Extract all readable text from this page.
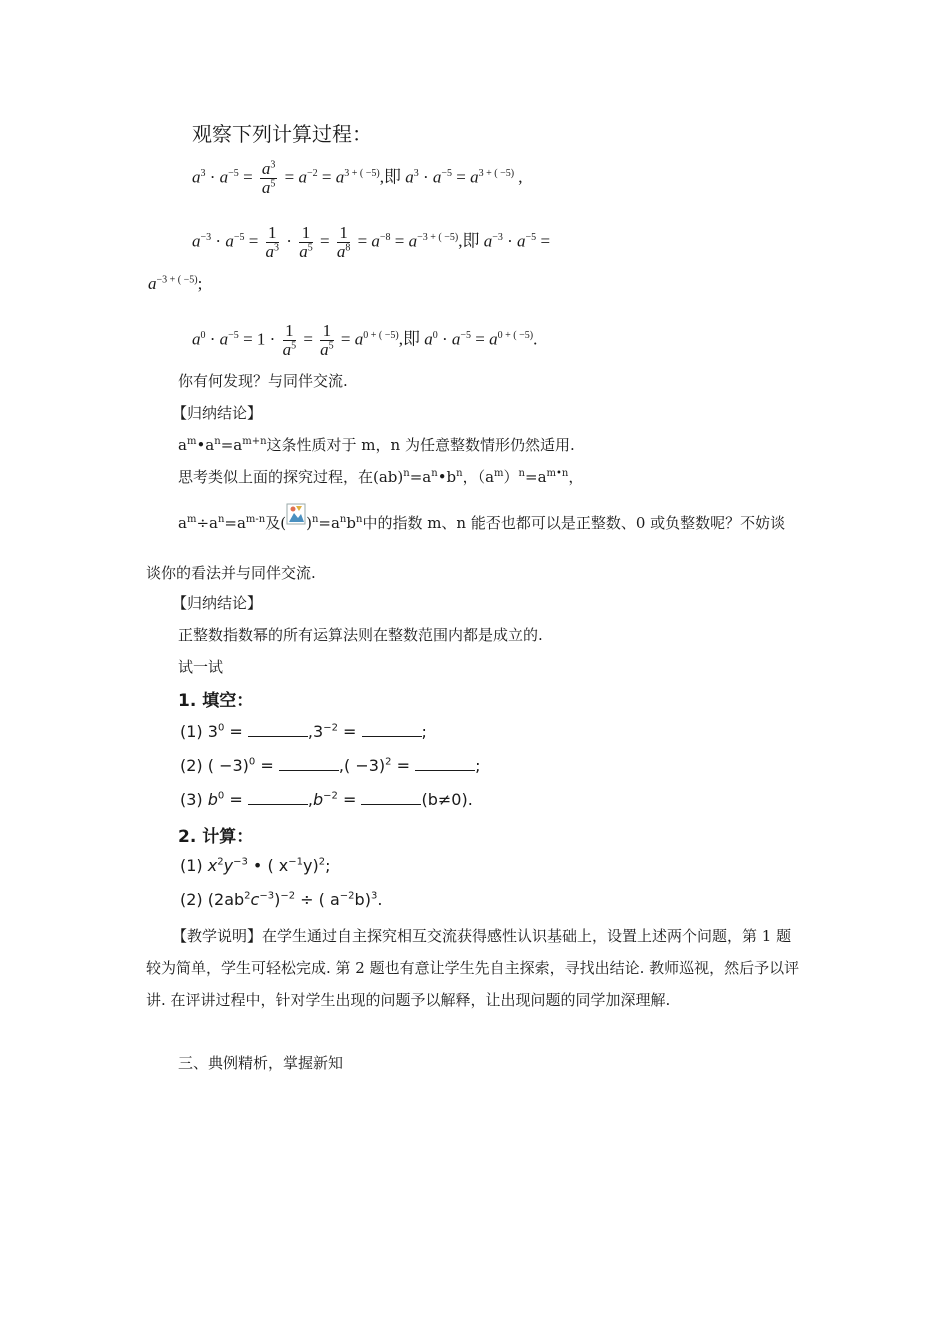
观察下列计算过程：
$a^3 \cdot a^{-5} = \frac{a^3}{a^5} = a^{-2} = a^{3 + ( -5)}$,即 $a^3 \cdot a^{-5} = a^{3 + ( -5)}$ ,
$a^{-3} \cdot a^{-5} = \frac{1}{a^3} \cdot \frac{1}{a^5} = \frac{1}{a^8} = a^{-8} = a^{-3 + ( -5)}$,即 $a^{-3} \cdot a^{-5}$ =
$a^{-3 + ( -5)}$;
$a^0 \cdot a^{-5} = 1 \cdot \frac{1}{a^5} = \frac{1}{a^5} = a^{0 + ( -5)}$,即 $a^0 \cdot a^{-5} = a^{0 + ( -5)}$.
你有何发现？与同伴交流.
【归纳结论】
$a^m•a^n=a^{m+n}$这条性质对于 m，n 为任意整数情形仍然适用.
思考类似上面的探究过程，在$(ab)^n=a^n•b^n$，$(a^m)^n=a^{m•n}$，
$a^m\div a^n=a^{m-n}$及( )$^n=a^nb^n$中的指数 m、n 能否也都可以是正整数、0 或负整数呢？不妨谈
谈你的看法并与同伴交流.
【归纳结论】
正整数指数幂的所有运算法则在整数范围内都是成立的.
试一试
1. 填空：
(1) $3^0$ =	$,3^{-2}$ =	;
(2) ( −3)$^0$ =	,( −3)$^2$ =	;
(3) $b^0$ =	$,b^{-2}$ =	(b≠0).
2. 计算：
(1) $x^2y^{-3}$ • ( $x^{-1}y)^2$;
(2) $(2ab^2c^{-3})^{-2}$ ÷ ( $a^{-2}b)^3$.
【教学说明】在学生通过自主探究相互交流获得感性认识基础上，设置上述两个问题，第 1 题较为简单，学生可轻松完成. 第 2 题也有意让学生先自主探索，寻找出结论. 教师巡视，然后予以评讲. 在评讲过程中，针对学生出现的问题予以解释，让出现问题的同学加深理解.
三、典例精析，掌握新知
